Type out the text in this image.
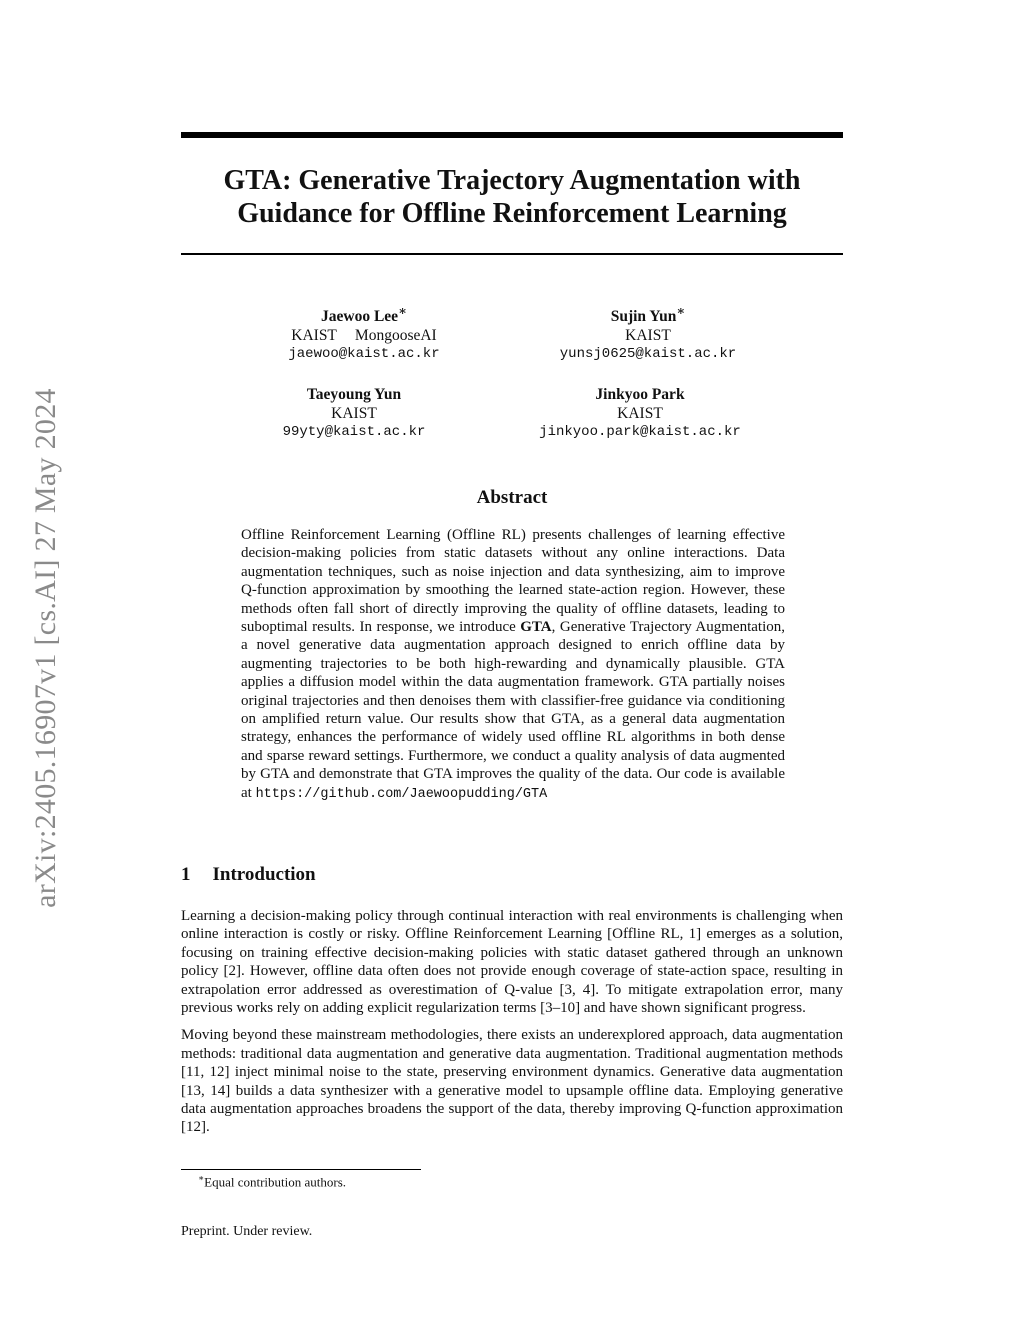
arXiv:2405.16907v1 [cs.AI] 27 May 2024
GTA: Generative Trajectory Augmentation with
Guidance for Offline Reinforcement Learning
Jaewoo Lee∗
KAIST MongooseAI
jaewoo@kaist.ac.kr
Sujin Yun∗
KAIST
yunsj0625@kaist.ac.kr
Taeyoung Yun
KAIST
99yty@kaist.ac.kr
Jinkyoo Park
KAIST
jinkyoo.park@kaist.ac.kr
Abstract

Offline Reinforcement Learning (Offline RL) presents challenges of learning effective decision-making policies from static datasets without any online interactions. Data augmentation techniques, such as noise injection and data synthesizing, aim to improve Q-function approximation by smoothing the learned state-action region. However, these methods often fall short of directly improving the quality of offline datasets, leading to suboptimal results. In response, we introduce GTA, Generative Trajectory Augmentation, a novel generative data augmentation approach designed to enrich offline data by augmenting trajectories to be both high-rewarding and dynamically plausible. GTA applies a diffusion model within the data augmentation framework. GTA partially noises original trajectories and then denoises them with classifier-free guidance via conditioning on amplified return value. Our results show that GTA, as a general data augmentation strategy, enhances the performance of widely used offline RL algorithms in both dense and sparse reward settings. Furthermore, we conduct a quality analysis of data augmented by GTA and demonstrate that GTA improves the quality of the data. Our code is available at https://github.com/Jaewoopudding/GTA

1 Introduction

Learning a decision-making policy through continual interaction with real environments is challenging when online interaction is costly or risky. Offline Reinforcement Learning [Offline RL, 1] emerges as a solution, focusing on training effective decision-making policies with static dataset gathered through an unknown policy [2]. However, offline data often does not provide enough coverage of state-action space, resulting in extrapolation error addressed as overestimation of Q-value [3, 4]. To mitigate extrapolation error, many previous works rely on adding explicit regularization terms [3–10] and have shown significant progress.

Moving beyond these mainstream methodologies, there exists an underexplored approach, data augmentation methods: traditional data augmentation and generative data augmentation. Traditional augmentation methods [11, 12] inject minimal noise to the state, preserving environment dynamics. Generative data augmentation [13, 14] builds a data synthesizer with a generative model to upsample offline data. Employing generative data augmentation approaches broadens the support of the data, thereby improving Q-function approximation [12].

∗Equal contribution authors.
Preprint. Under review.
